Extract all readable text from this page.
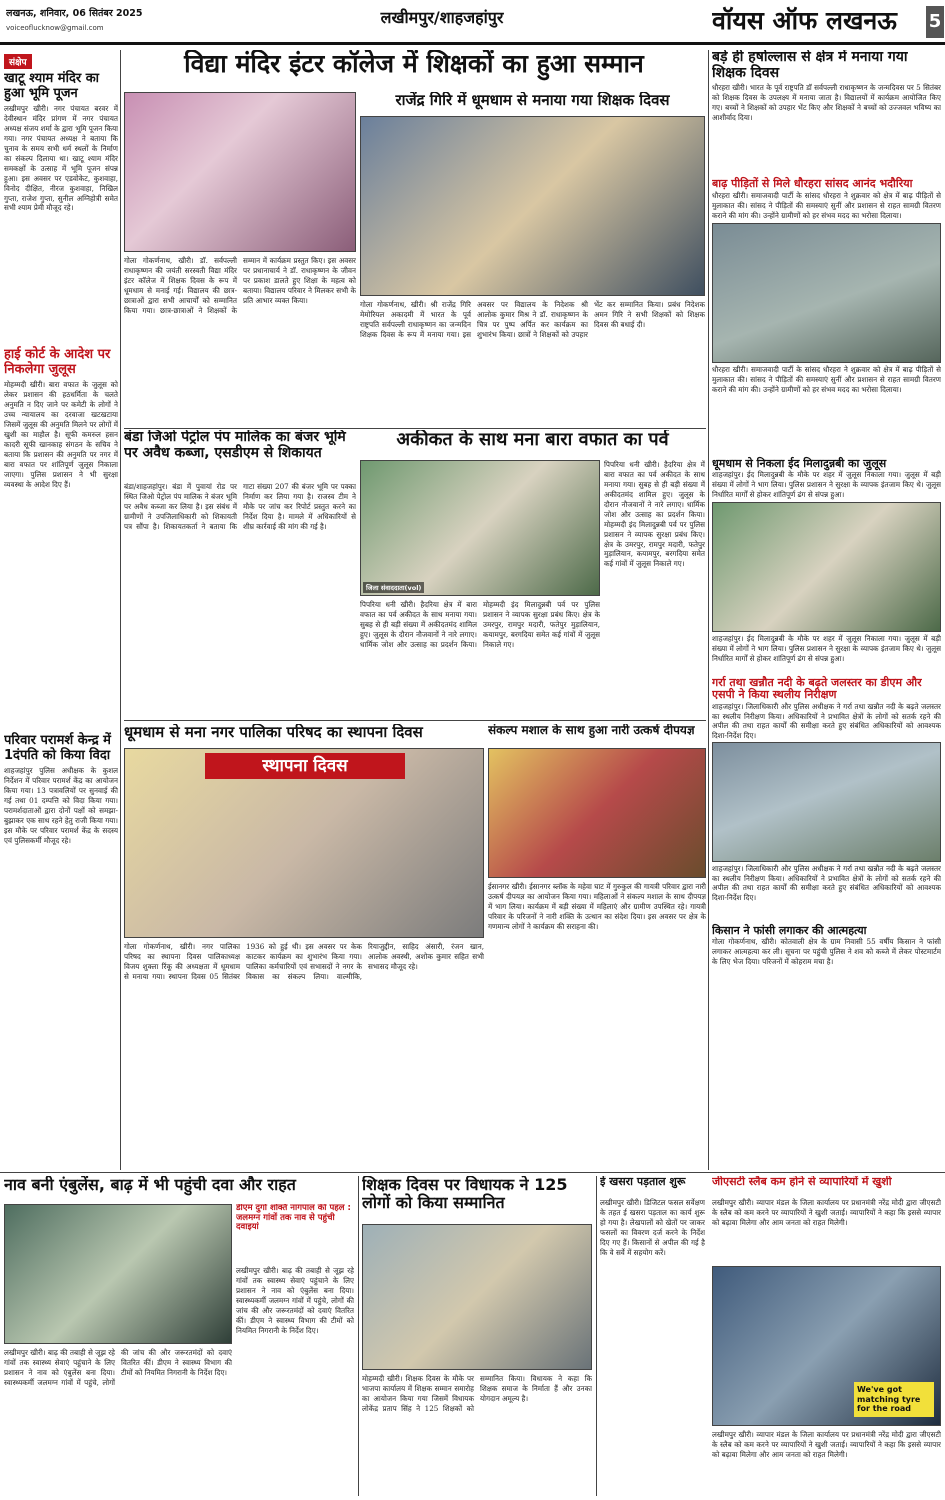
लखनऊ, शनिवार, 06 सितंबर 2025
voiceoflucknow@gmail.com
लखीमपुर/शाहजहांपुर	वॉयस ऑफ लखनऊ	5
संक्षेप
खाटू श्याम मंदिर का हुआ भूमि पूजन
लखीमपुर खीरी। नगर पंचायत बरवर में देवीस्थान मंदिर प्रांगण में नगर पंचायत अध्यक्ष संजय शर्मा के द्वारा भूमि पूजन किया गया। नगर पंचायत अध्यक्ष ने बताया कि चुनाव के समय सभी धर्म स्थलों के निर्माण का संकल्प दिलाया था। खाटू श्याम मंदिर समकक्षों के उत्साह में भूमि पूजन संपन्न हुआ। इस अवसर पर एडवोकेट, कुशवाहा, विनोद दीक्षित, नीरज कुशवाहा, निखिल गुप्ता, राजेश गुप्ता, सुनील अग्निहोत्री समेत सभी श्याम प्रेमी मौजूद रहे।
हाई कोर्ट के आदेश पर निकलेगा जुलूस
मोहम्मदी खीरी। बारा वफात के जुलूस को लेकर प्रशासन की हठधर्मिता के चलते अनुमति न दिए जाने पर कमेटी के लोगों ने उच्च न्यायालय का दरवाजा खटखटाया जिसमें जुलूस की अनुमति मिलने पर लोगों में खुशी का माहौल है। सूफी कमरुल हसन कादरी सूफी खानकाह संगठन के सचिव ने बताया कि प्रशासन की अनुमति पर नगर में बारा वफात पर शांतिपूर्ण जुलूस निकाला जाएगा। पुलिस प्रशासन ने भी सुरक्षा व्यवस्था के आदेश दिए हैं।
परिवार परामर्श केन्द्र में 1दंपति को किया विदा
शाहजहांपुर पुलिस अधीक्षक के कुशल निर्देशन में परिवार परामर्श केंद्र का आयोजन किया गया। 13 पत्रावलियों पर सुनवाई की गई तथा 01 दम्पत्ति को विदा किया गया। परामर्शदाताओं द्वारा दोनों पक्षों को समझा-बुझाकर एक साथ रहने हेतु राजी किया गया। इस मौके पर परिवार परामर्श केंद्र के सदस्य एवं पुलिसकर्मी मौजूद रहे।
विद्या मंदिर इंटर कॉलेज में शिक्षकों का हुआ सम्मान
गोला गोकर्णनाथ, खीरी। डॉ. सर्वपल्ली राधाकृष्णन की जयंती सरस्वती विद्या मंदिर इंटर कॉलेज में शिक्षक दिवस के रूप में धूमधाम से मनाई गई। विद्यालय की छात्र-छात्राओं द्वारा सभी आचार्यों को सम्मानित किया गया। छात्र-छात्राओं ने शिक्षकों के सम्मान में कार्यक्रम प्रस्तुत किए। इस अवसर पर प्रधानाचार्य ने डॉ. राधाकृष्णन के जीवन पर प्रकाश डालते हुए शिक्षा के महत्व को बताया। विद्यालय परिवार ने मिलकर सभी के प्रति आभार व्यक्त किया।
राजेंद्र गिरि में धूमधाम से मनाया गया शिक्षक दिवस
गोला गोकर्णनाथ, खीरी। श्री राजेंद्र गिरि मेमोरियल अकादमी में भारत के पूर्व राष्ट्रपति सर्वपल्ली राधाकृष्णन का जन्मदिन शिक्षक दिवस के रूप में मनाया गया। इस अवसर पर विद्यालय के निदेशक श्री आलोक कुमार मिश्र ने डॉ. राधाकृष्णन के चित्र पर पुष्प अर्पित कर कार्यक्रम का शुभारंभ किया। छात्रों ने शिक्षकों को उपहार भेंट कर सम्मानित किया। प्रबंध निदेशक अमन गिरि ने सभी शिक्षकों को शिक्षक दिवस की बधाई दी।
बंडा जिओ पेट्रोल पंप मालिक का बंजर भूमि पर अवैध कब्जा, एसडीएम से शिकायत
बंडा/शाहजहांपुर। बंडा में पुवायां रोड पर स्थित जिओ पेट्रोल पंप मालिक ने बंजर भूमि पर अवैध कब्जा कर लिया है। इस संबंध में ग्रामीणों ने उपजिलाधिकारी को शिकायती पत्र सौंपा है। शिकायतकर्ता ने बताया कि गाटा संख्या 207 की बंजर भूमि पर पक्का निर्माण कर लिया गया है। राजस्व टीम ने मौके पर जांच कर रिपोर्ट प्रस्तुत करने का निर्देश दिया है। मामले में अधिकारियों से शीघ्र कार्रवाई की मांग की गई है।
अकीकत के साथ मना बारा वफात का पर्व
जिला संवाददाता(vol)
पिपरिया धनी खीरी। हैदरिया क्षेत्र में बारा वफात का पर्व अकीदत के साथ मनाया गया। सुबह से ही बड़ी संख्या में अकीदतमंद शामिल हुए। जुलूस के दौरान नौजवानों ने नारे लगाए। धार्मिक जोश और उत्साह का प्रदर्शन किया। मोहम्मदी इंद मिलादुन्नबी पर्व पर पुलिस प्रशासन ने व्यापक सुरक्षा प्रबंध किए। क्षेत्र के उमरपुर, रामपुर मदारी, फतेपुर मुड़ालियान, कयामपुर, बरगदिया समेत कई गांवों में जुलूस निकाले गए।
पिपरिया धनी खीरी। हैदरिया क्षेत्र में बारा वफात का पर्व अकीदत के साथ मनाया गया। सुबह से ही बड़ी संख्या में अकीदतमंद शामिल हुए। जुलूस के दौरान नौजवानों ने नारे लगाए। धार्मिक जोश और उत्साह का प्रदर्शन किया। मोहम्मदी इंद मिलादुन्नबी पर्व पर पुलिस प्रशासन ने व्यापक सुरक्षा प्रबंध किए। क्षेत्र के उमरपुर, रामपुर मदारी, फतेपुर मुड़ालियान, कयामपुर, बरगदिया समेत कई गांवों में जुलूस निकाले गए।
धूमधाम से मना नगर पालिका परिषद का स्थापना दिवस
स्थापना दिवस
गोला गोकर्णनाथ, खीरी। नगर पालिका परिषद का स्थापना दिवस पालिकाध्यक्ष विजय शुक्ला रिंकू की अध्यक्षता में धूमधाम से मनाया गया। स्थापना दिवस 05 सितंबर 1936 को हुई थी। इस अवसर पर केक काटकर कार्यक्रम का शुभारंभ किया गया। पालिका कर्मचारियों एवं सभासदों ने नगर के विकास का संकल्प लिया। वाल्मीकि, रियाजुद्दीन, साहिद अंसारी, रंजन खान, आलोक अवस्थी, अशोक कुमार सहित सभी सभासद मौजूद रहे।
संकल्प मशाल के साथ हुआ नारी उत्कर्ष दीपयज्ञ
ईसानगर खीरी। ईसानगर ब्लॉक के महेवा घाट में गुरुकुल की गायत्री परिवार द्वारा नारी उत्कर्ष दीपयज्ञ का आयोजन किया गया। महिलाओं ने संकल्प मशाल के साथ दीपयज्ञ में भाग लिया। कार्यक्रम में बड़ी संख्या में महिलाएं और ग्रामीण उपस्थित रहे। गायत्री परिवार के परिजनों ने नारी शक्ति के उत्थान का संदेश दिया। इस अवसर पर क्षेत्र के गणमान्य लोगों ने कार्यक्रम की सराहना की।
बड़े ही हर्षोल्लास से क्षेत्र में मनाया गया शिक्षक दिवस
धौरहरा खीरी। भारत के पूर्व राष्ट्रपति डॉ सर्वपल्ली राधाकृष्णन के जन्मदिवस पर 5 सितंबर को शिक्षक दिवस के उपलक्ष्य में मनाया जाता है। विद्यालयों में कार्यक्रम आयोजित किए गए। बच्चों ने शिक्षकों को उपहार भेंट किए और शिक्षकों ने बच्चों को उज्जवल भविष्य का आशीर्वाद दिया।
बाढ़ पीड़ितों से मिले धौरहरा सांसद आनंद भदौरिया
धौरहरा खीरी। समाजवादी पार्टी के सांसद धौरहरा ने शुक्रवार को क्षेत्र में बाढ़ पीड़ितों से मुलाकात की। सांसद ने पीड़ितों की समस्याएं सुनीं और प्रशासन से राहत सामग्री वितरण कराने की मांग की। उन्होंने ग्रामीणों को हर संभव मदद का भरोसा दिलाया।
धौरहरा खीरी। समाजवादी पार्टी के सांसद धौरहरा ने शुक्रवार को क्षेत्र में बाढ़ पीड़ितों से मुलाकात की। सांसद ने पीड़ितों की समस्याएं सुनीं और प्रशासन से राहत सामग्री वितरण कराने की मांग की। उन्होंने ग्रामीणों को हर संभव मदद का भरोसा दिलाया।
धूमधाम से निकला ईद मिलादुन्नबी का जुलूस
शाहजहांपुर। ईद मिलादुन्नबी के मौके पर शहर में जुलूस निकाला गया। जुलूस में बड़ी संख्या में लोगों ने भाग लिया। पुलिस प्रशासन ने सुरक्षा के व्यापक इंतजाम किए थे। जुलूस निर्धारित मार्गों से होकर शांतिपूर्ण ढंग से संपन्न हुआ।
शाहजहांपुर। ईद मिलादुन्नबी के मौके पर शहर में जुलूस निकाला गया। जुलूस में बड़ी संख्या में लोगों ने भाग लिया। पुलिस प्रशासन ने सुरक्षा के व्यापक इंतजाम किए थे। जुलूस निर्धारित मार्गों से होकर शांतिपूर्ण ढंग से संपन्न हुआ।
गर्रा तथा खन्नौत नदी के बढ़ते जलस्तर का डीएम और एसपी ने किया स्थलीय निरीक्षण
शाहजहांपुर। जिलाधिकारी और पुलिस अधीक्षक ने गर्रा तथा खन्नौत नदी के बढ़ते जलस्तर का स्थलीय निरीक्षण किया। अधिकारियों ने प्रभावित क्षेत्रों के लोगों को सतर्क रहने की अपील की तथा राहत कार्यों की समीक्षा करते हुए संबंधित अधिकारियों को आवश्यक दिशा-निर्देश दिए।
शाहजहांपुर। जिलाधिकारी और पुलिस अधीक्षक ने गर्रा तथा खन्नौत नदी के बढ़ते जलस्तर का स्थलीय निरीक्षण किया। अधिकारियों ने प्रभावित क्षेत्रों के लोगों को सतर्क रहने की अपील की तथा राहत कार्यों की समीक्षा करते हुए संबंधित अधिकारियों को आवश्यक दिशा-निर्देश दिए।
किसान ने फांसी लगाकर की आत्महत्या
गोला गोकर्णनाथ, खीरी। कोतवाली क्षेत्र के ग्राम निवासी 55 वर्षीय किसान ने फांसी लगाकर आत्महत्या कर ली। सूचना पर पहुंची पुलिस ने शव को कब्जे में लेकर पोस्टमार्टम के लिए भेज दिया। परिजनों में कोहराम मचा है।
नाव बनी एंबुलेंस, बाढ़ में भी पहुंची दवा और राहत
डीएम दुर्गा शक्ति नागपाल की पहल : जलमग्न गांवों तक नाव से पहुंची दवाइयां
लखीमपुर खीरी। बाढ़ की तबाही से जूझ रहे गांवों तक स्वास्थ्य सेवाएं पहुंचाने के लिए प्रशासन ने नाव को एंबुलेंस बना दिया। स्वास्थ्यकर्मी जलमग्न गांवों में पहुंचे, लोगों की जांच की और जरूरतमंदों को दवाएं वितरित कीं। डीएम ने स्वास्थ्य विभाग की टीमों को नियमित निगरानी के निर्देश दिए।
लखीमपुर खीरी। बाढ़ की तबाही से जूझ रहे गांवों तक स्वास्थ्य सेवाएं पहुंचाने के लिए प्रशासन ने नाव को एंबुलेंस बना दिया। स्वास्थ्यकर्मी जलमग्न गांवों में पहुंचे, लोगों की जांच की और जरूरतमंदों को दवाएं वितरित कीं। डीएम ने स्वास्थ्य विभाग की टीमों को नियमित निगरानी के निर्देश दिए।
शिक्षक दिवस पर विधायक ने 125 लोगों को किया सम्मानित
मोहम्मदी खीरी। शिक्षक दिवस के मौके पर भाजपा कार्यालय में शिक्षक सम्मान समारोह का आयोजन किया गया जिसमें विधायक लोकेंद्र प्रताप सिंह ने 125 शिक्षकों को सम्मानित किया। विधायक ने कहा कि शिक्षक समाज के निर्माता हैं और उनका योगदान अमूल्य है।
ई खसरा पड़ताल शुरू
लखीमपुर खीरी। डिजिटल फसल सर्वेक्षण के तहत ई खसरा पड़ताल का कार्य शुरू हो गया है। लेखपालों को खेतों पर जाकर फसलों का विवरण दर्ज करने के निर्देश दिए गए हैं। किसानों से अपील की गई है कि वे सर्वे में सहयोग करें।
जीएसटी स्लैब कम होने से व्यापारियों में खुशी
लखीमपुर खीरी। व्यापार मंडल के जिला कार्यालय पर प्रधानमंत्री नरेंद्र मोदी द्वारा जीएसटी के स्लैब को कम करने पर व्यापारियों ने खुशी जताई। व्यापारियों ने कहा कि इससे व्यापार को बढ़ावा मिलेगा और आम जनता को राहत मिलेगी।
We've got matching tyre for the road
लखीमपुर खीरी। व्यापार मंडल के जिला कार्यालय पर प्रधानमंत्री नरेंद्र मोदी द्वारा जीएसटी के स्लैब को कम करने पर व्यापारियों ने खुशी जताई। व्यापारियों ने कहा कि इससे व्यापार को बढ़ावा मिलेगा और आम जनता को राहत मिलेगी।
